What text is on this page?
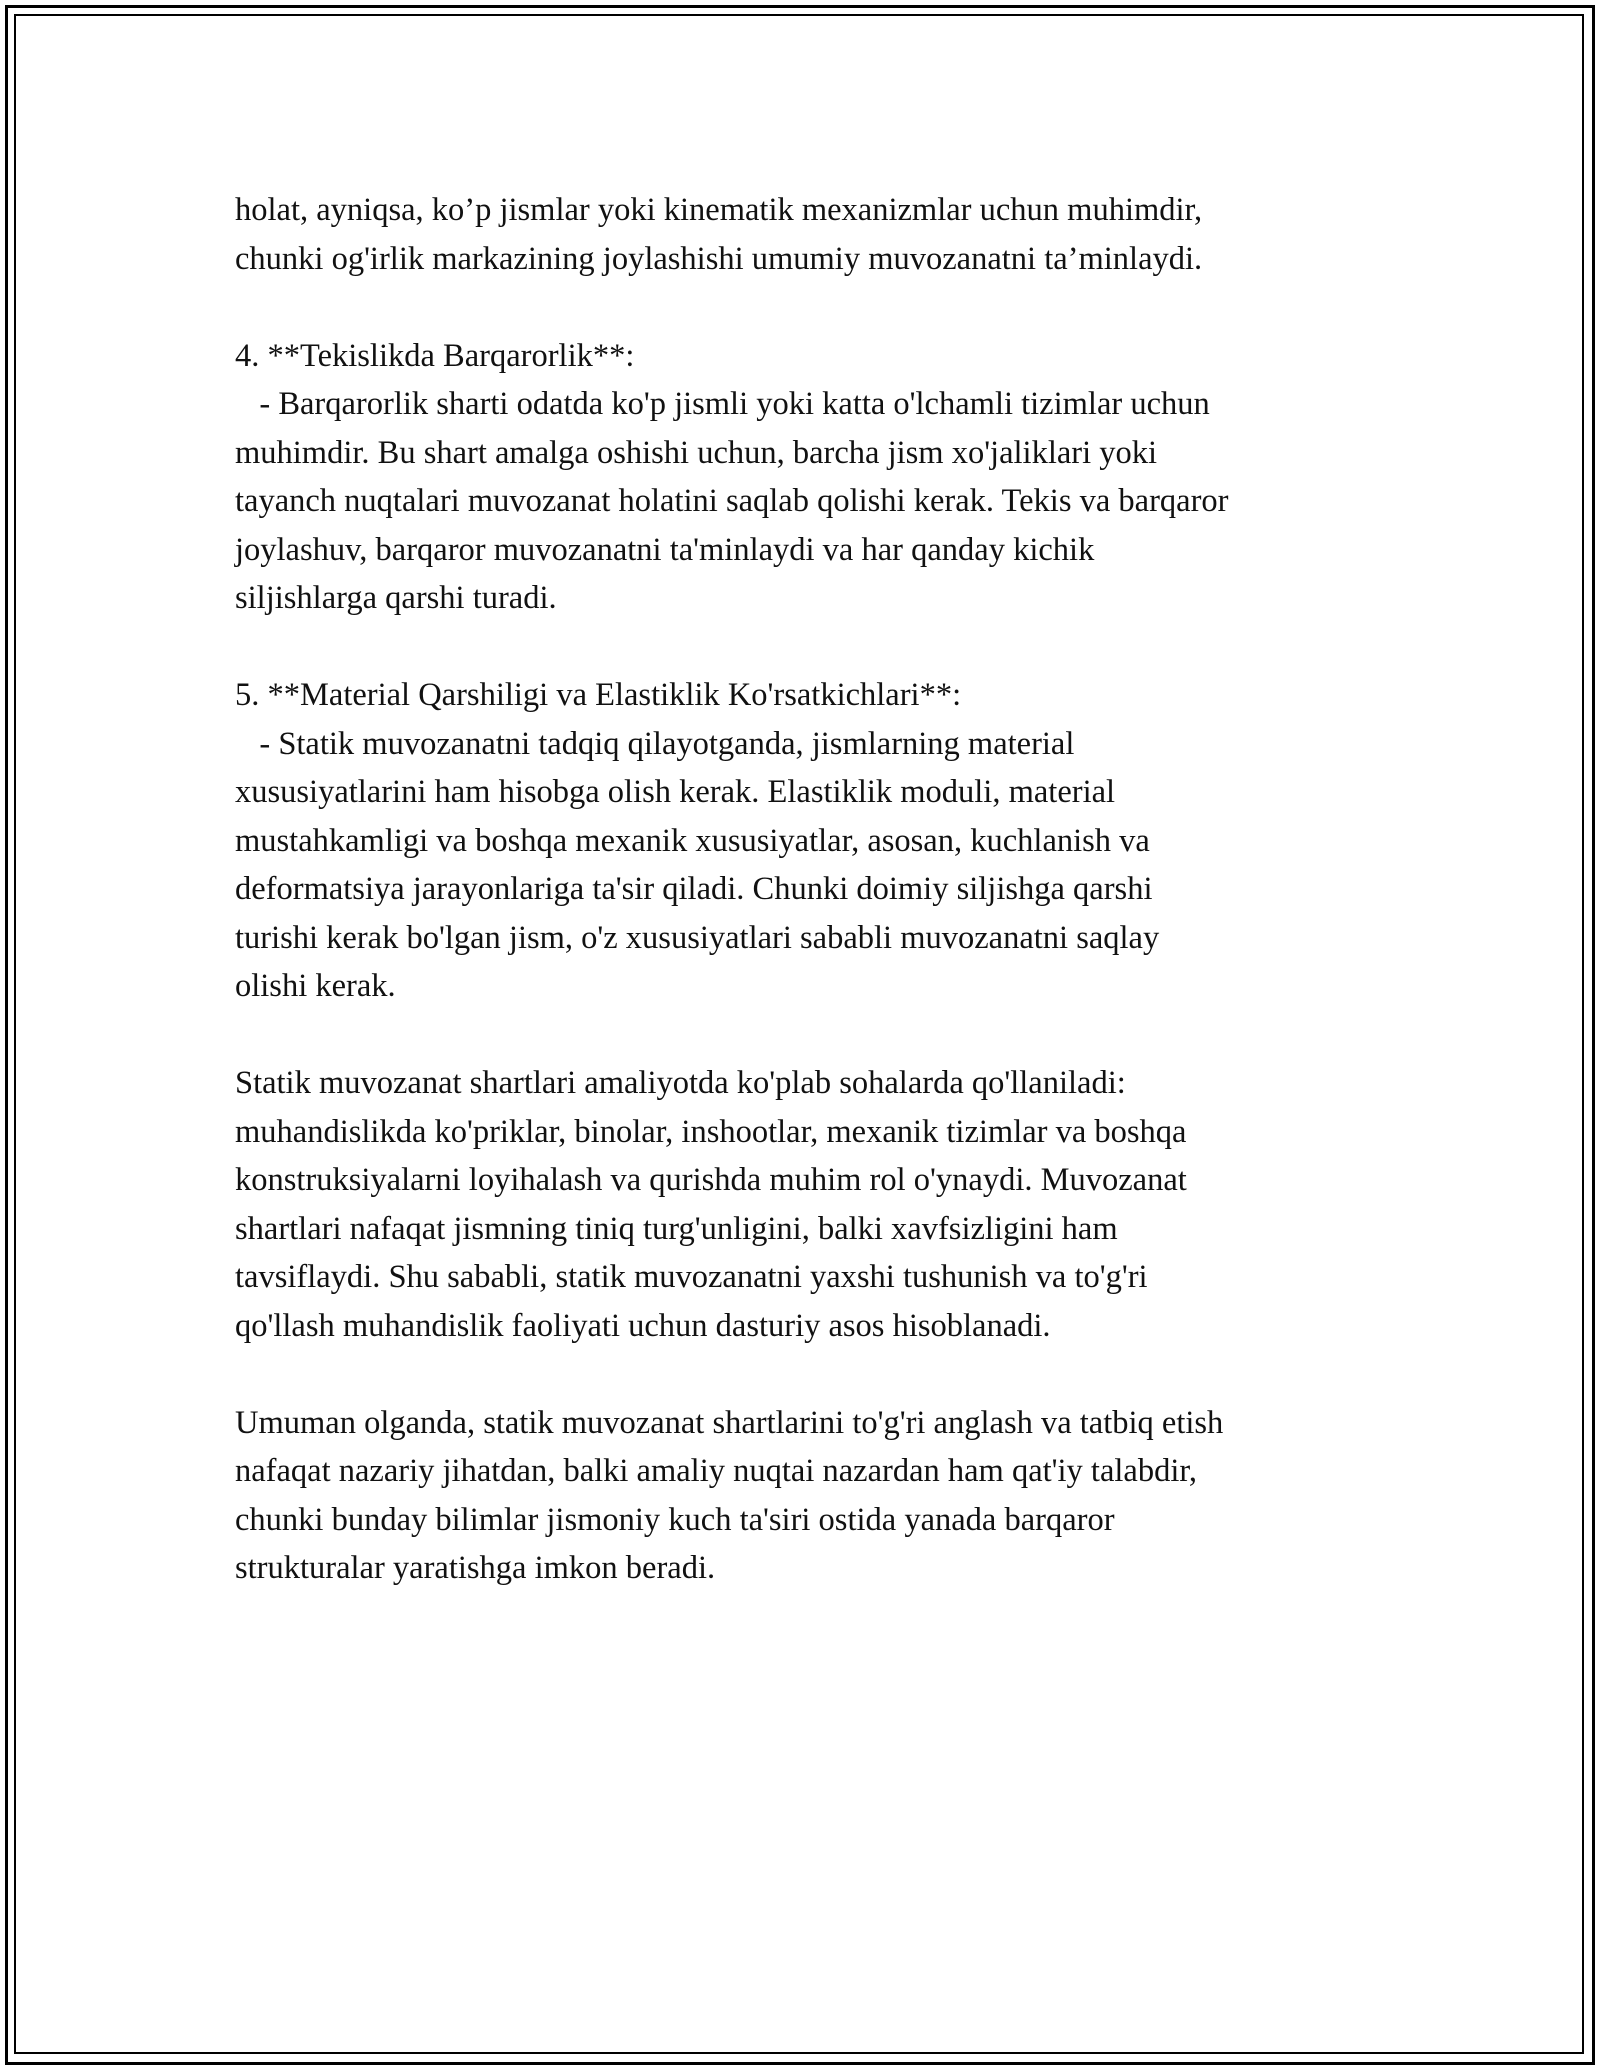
holat, ayniqsa, ko’p jismlar yoki kinematik mexanizmlar uchun muhimdir,
chunki og'irlik markazining joylashishi umumiy muvozanatni ta’minlaydi.
4. **Tekislikda Barqarorlik**:
- Barqarorlik sharti odatda ko'p jismli yoki katta o'lchamli tizimlar uchun
muhimdir. Bu shart amalga oshishi uchun, barcha jism xo'jaliklari yoki
tayanch nuqtalari muvozanat holatini saqlab qolishi kerak. Tekis va barqaror
joylashuv, barqaror muvozanatni ta'minlaydi va har qanday kichik
siljishlarga qarshi turadi.
5. **Material Qarshiligi va Elastiklik Ko'rsatkichlari**:
- Statik muvozanatni tadqiq qilayotganda, jismlarning material
xususiyatlarini ham hisobga olish kerak. Elastiklik moduli, material
mustahkamligi va boshqa mexanik xususiyatlar, asosan, kuchlanish va
deformatsiya jarayonlariga ta'sir qiladi. Chunki doimiy siljishga qarshi
turishi kerak bo'lgan jism, o'z xususiyatlari sababli muvozanatni saqlay
olishi kerak.
Statik muvozanat shartlari amaliyotda ko'plab sohalarda qo'llaniladi:
muhandislikda ko'priklar, binolar, inshootlar, mexanik tizimlar va boshqa
konstruksiyalarni loyihalash va qurishda muhim rol o'ynaydi. Muvozanat
shartlari nafaqat jismning tiniq turg'unligini, balki xavfsizligini ham
tavsiflaydi. Shu sababli, statik muvozanatni yaxshi tushunish va to'g'ri
qo'llash muhandislik faoliyati uchun dasturiy asos hisoblanadi.
Umuman olganda, statik muvozanat shartlarini to'g'ri anglash va tatbiq etish
nafaqat nazariy jihatdan, balki amaliy nuqtai nazardan ham qat'iy talabdir,
chunki bunday bilimlar jismoniy kuch ta'siri ostida yanada barqaror
strukturalar yaratishga imkon beradi.
